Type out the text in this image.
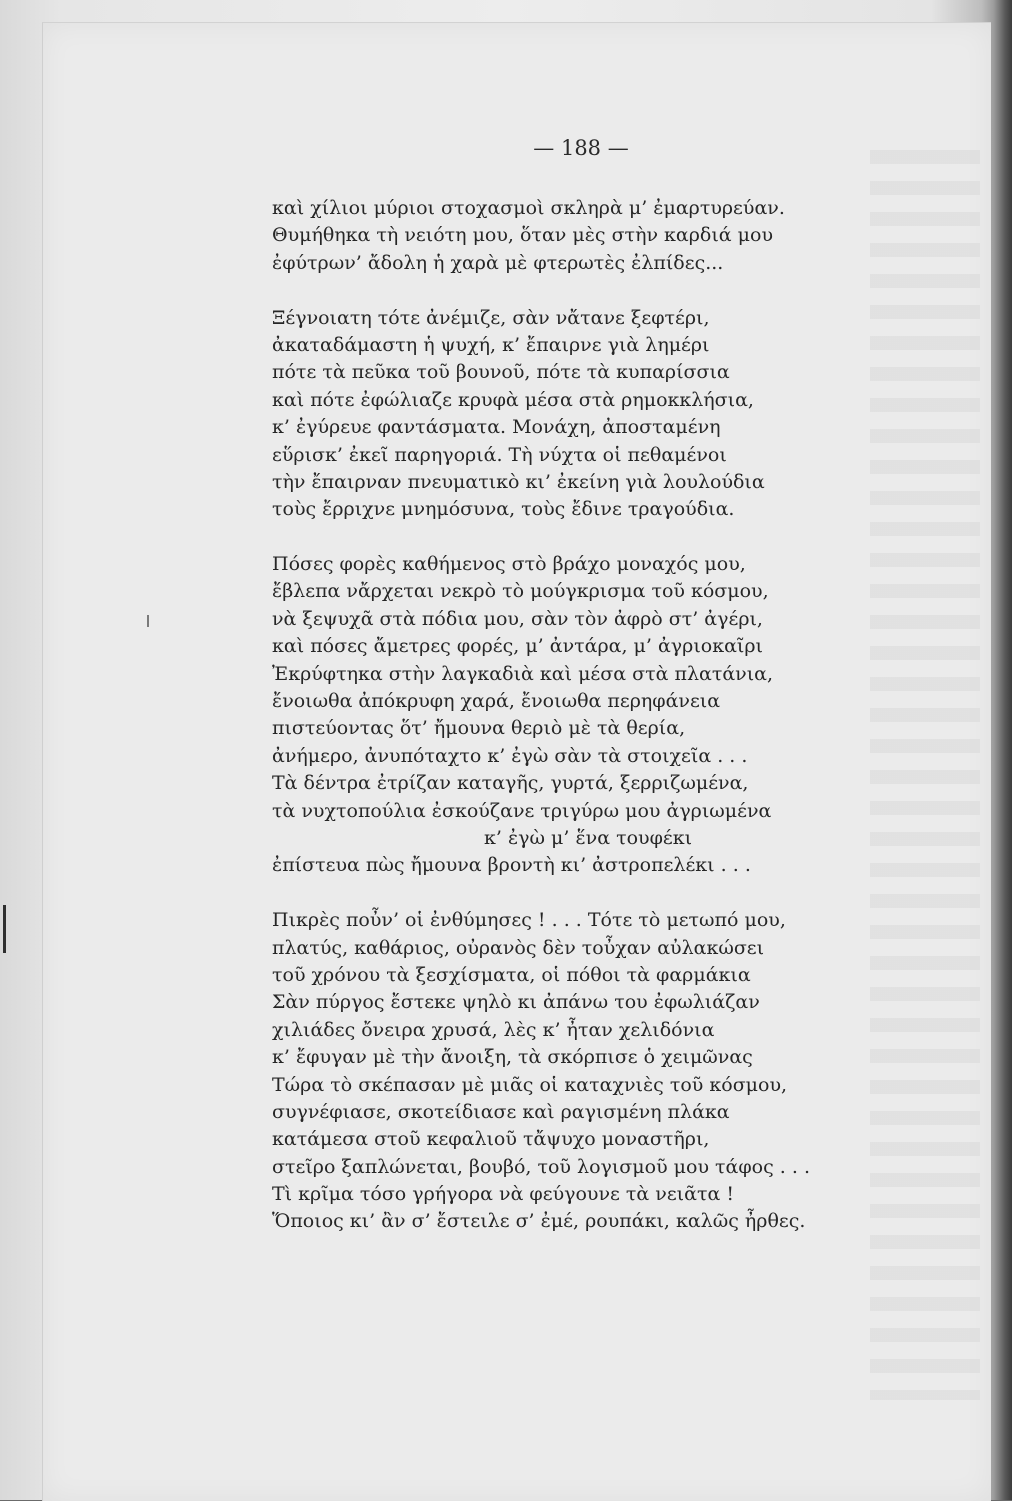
— 188 —
καὶ χίλιοι μύριοι στοχασμοὶ σκληρὰ μ’ ἐμαρτυρεύαν.
Θυμήθηκα τὴ νειότη μου, ὅταν μὲς στὴν καρδιά μου
ἐφύτρων’ ἄδολη ἡ χαρὰ μὲ φτερωτὲς ἐλπίδες...
Ξέγνοιατη τότε ἀνέμιζε, σὰν νἄτανε ξεφτέρι,
ἀκαταδάμαστη ἡ ψυχή, κ’ ἔπαιρνε γιὰ λημέρι
πότε τὰ πεῦκα τοῦ βουνοῦ, πότε τὰ κυπαρίσσια
καὶ πότε ἐφώλιαζε κρυφὰ μέσα στὰ ρημοκκλήσια,
κ’ ἐγύρευε φαντάσματα. Μονάχη, ἀποσταμένη
εὕρισκ’ ἐκεῖ παρηγοριά. Τὴ νύχτα οἱ πεθαμένοι
τὴν ἔπαιρναν πνευματικὸ κι’ ἐκείνη γιὰ λουλούδια
τοὺς ἔρριχνε μνημόσυνα, τοὺς ἔδινε τραγούδια.
Πόσες φορὲς καθήμενος στὸ βράχο μοναχός μου,
ἔβλεπα νἄρχεται νεκρὸ τὸ μούγκρισμα τοῦ κόσμου,
νὰ ξεψυχᾶ στὰ πόδια μου, σὰν τὸν ἀφρὸ στ’ ἀγέρι,
καὶ πόσες ἄμετρες φορές, μ’ ἀντάρα, μ’ ἀγριοκαῖρι
Ἐκρύφτηκα στὴν λαγκαδιὰ καὶ μέσα στὰ πλατάνια,
ἔνοιωθα ἀπόκρυφη χαρά, ἔνοιωθα περηφάνεια
πιστεύοντας ὅτ’ ἤμουνα θεριὸ μὲ τὰ θερία,
ἀνήμερο, ἀνυπόταχτο κ’ ἐγὼ σὰν τὰ στοιχεῖα . . .
Τὰ δέντρα ἐτρίζαν καταγῆς, γυρτά, ξερριζωμένα,
τὰ νυχτοπούλια ἐσκούζανε τριγύρω μου ἀγριωμένα
κ’ ἐγὼ μ’ ἕνα τουφέκι
ἐπίστευα πὼς ἤμουνα βροντὴ κι’ ἀστροπελέκι . . .
Πικρὲς ποὖν’ οἱ ἐνθύμησες ! . . . Τότε τὸ μετωπό μου,
πλατύς, καθάριος, οὐρανὸς δὲν τοὖχαν αὐλακώσει
τοῦ χρόνου τὰ ξεσχίσματα, οἱ πόθοι τὰ φαρμάκια
Σὰν πύργος ἔστεκε ψηλὸ κι ἀπάνω του ἐφωλιάζαν
χιλιάδες ὄνειρα χρυσά, λὲς κ’ ἦταν χελιδόνια
κ’ ἔφυγαν μὲ τὴν ἄνοιξη, τὰ σκόρπισε ὁ χειμῶνας
Τώρα τὸ σκέπασαν μὲ μιᾶς οἱ καταχνιὲς τοῦ κόσμου,
συγνέφιασε, σκοτείδιασε καὶ ραγισμένη πλάκα
κατάμεσα στοῦ κεφαλιοῦ τἄψυχο μοναστῆρι,
στεῖρο ξαπλώνεται, βουβό, τοῦ λογισμοῦ μου τάφος . . .
Τὶ κρῖμα τόσο γρήγορα νὰ φεύγουνε τὰ νειᾶτα !
Ὅποιος κι’ ἂν σ’ ἔστειλε σ’ ἐμέ, ρουπάκι, καλῶς ἦρθες.
